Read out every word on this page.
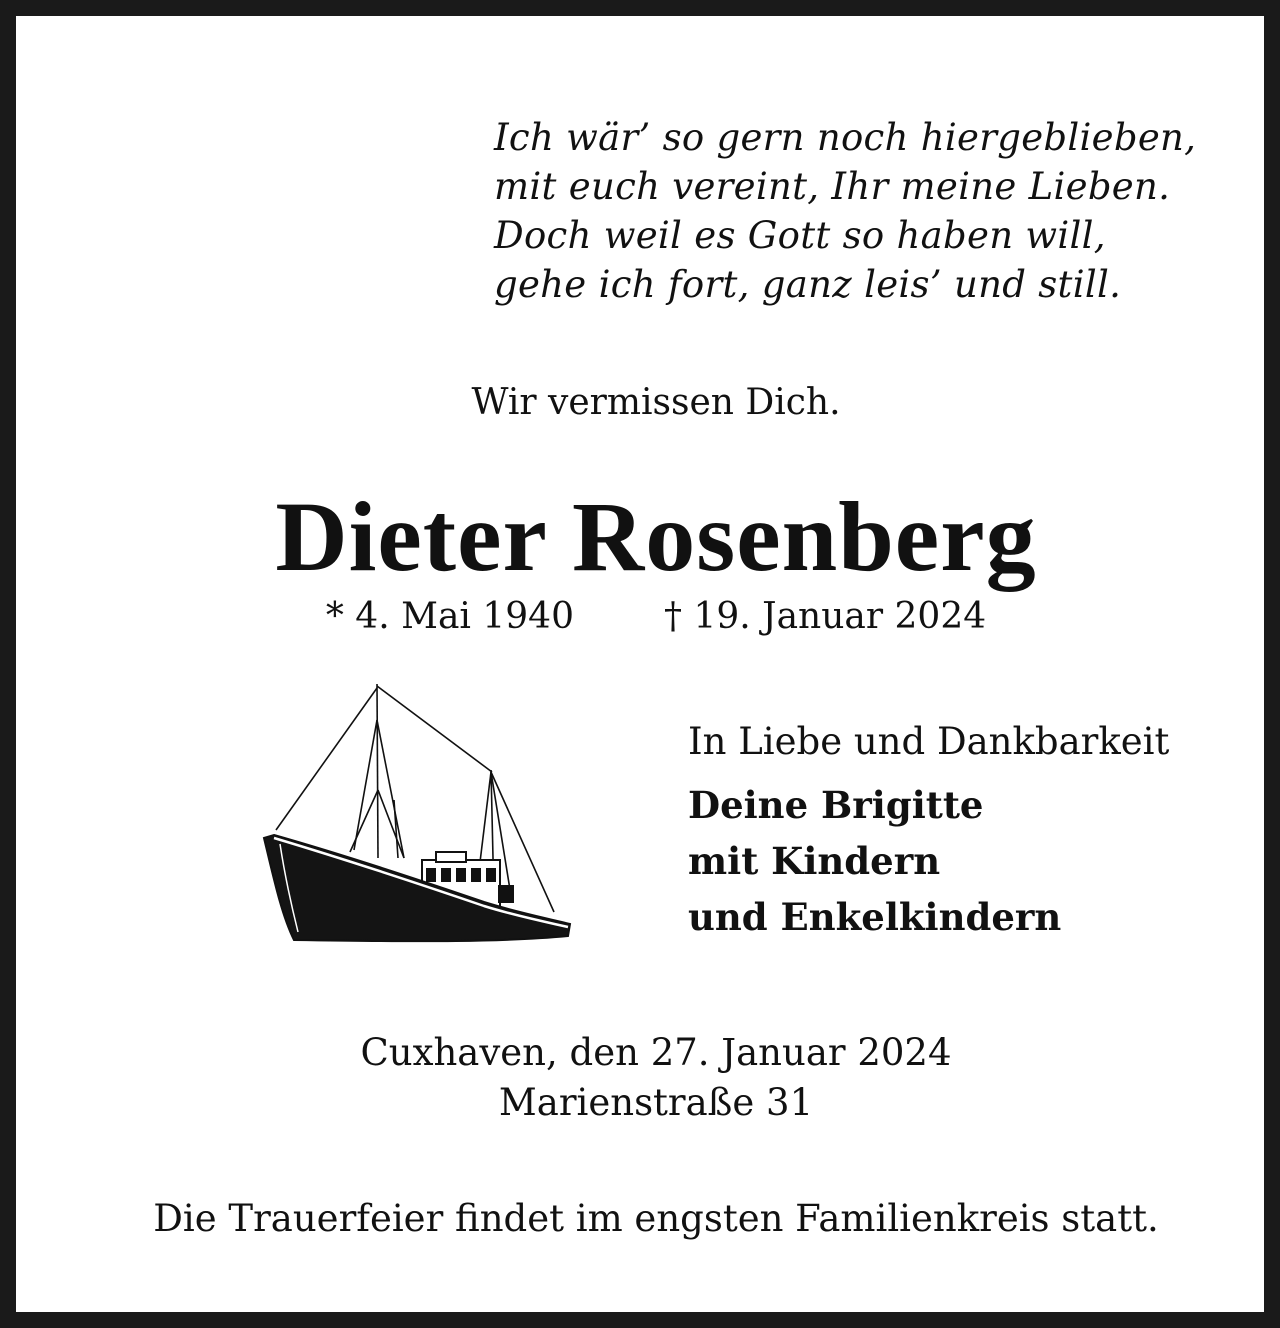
Ich wär’ so gern noch hiergeblieben,
mit euch vereint, Ihr meine Lieben.
Doch weil es Gott so haben will,
gehe ich fort, ganz leis’ und still.
Wir vermissen Dich.
Dieter Rosenberg
* 4. Mai 1940	† 19. Januar 2024
In Liebe und Dankbarkeit
Deine Brigitte
mit Kindern
und Enkelkindern
Cuxhaven, den 27. Januar 2024
Marienstraße 31
Die Trauerfeier findet im engsten Familienkreis statt.
